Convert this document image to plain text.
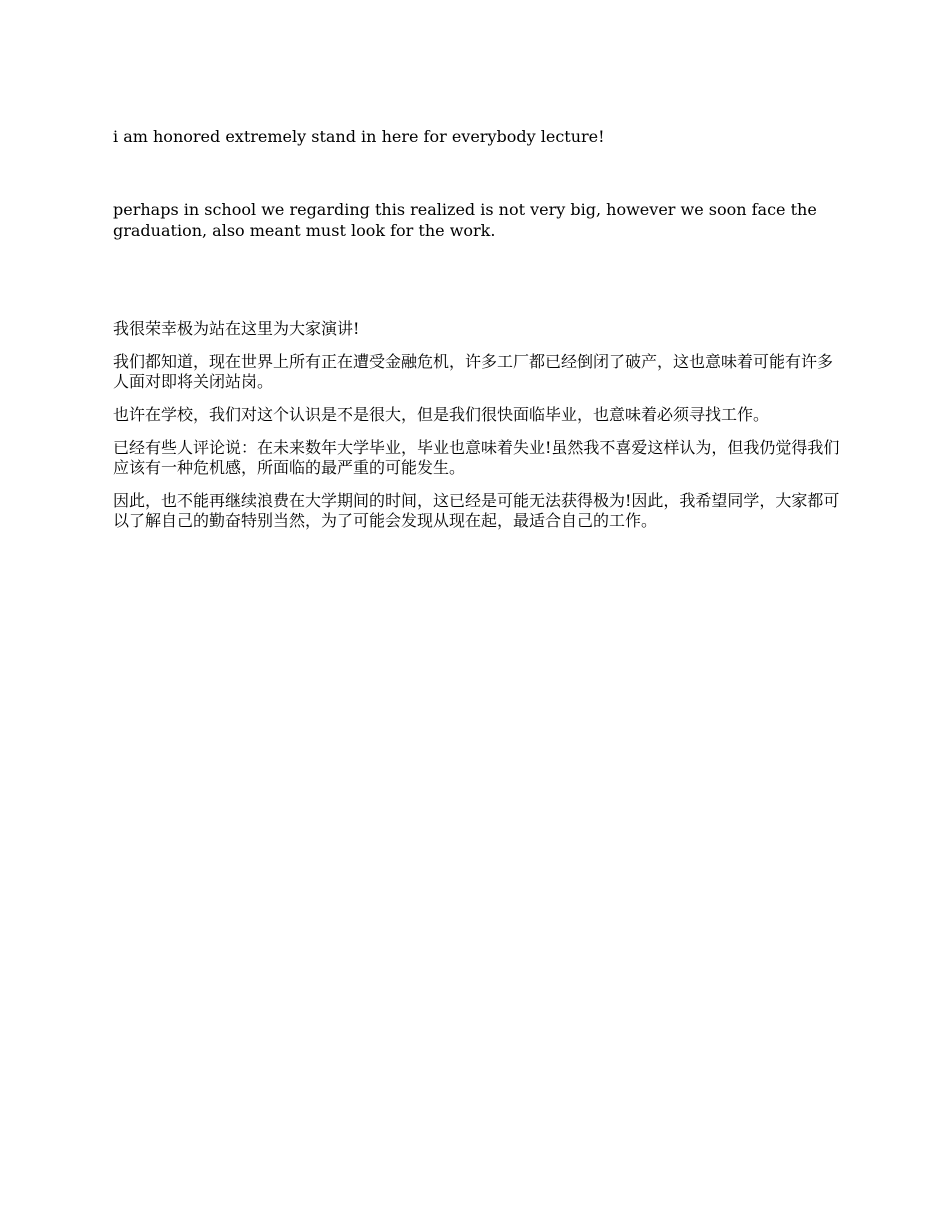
i am honored extremely stand in here for everybody lecture!

perhaps in school we regarding this realized is not very big, however we soon face the graduation, also meant must look for the work.

我很荣幸极为站在这里为大家演讲!

我们都知道，现在世界上所有正在遭受金融危机，许多工厂都已经倒闭了破产，这也意味着可能有许多人面对即将关闭站岗。

也许在学校，我们对这个认识是不是很大，但是我们很快面临毕业，也意味着必须寻找工作。

已经有些人评论说：在未来数年大学毕业，毕业也意味着失业!虽然我不喜爱这样认为，但我仍觉得我们应该有一种危机感，所面临的最严重的可能发生。

因此，也不能再继续浪费在大学期间的时间，这已经是可能无法获得极为!因此，我希望同学，大家都可以了解自己的勤奋特别当然，为了可能会发现从现在起，最适合自己的工作。
